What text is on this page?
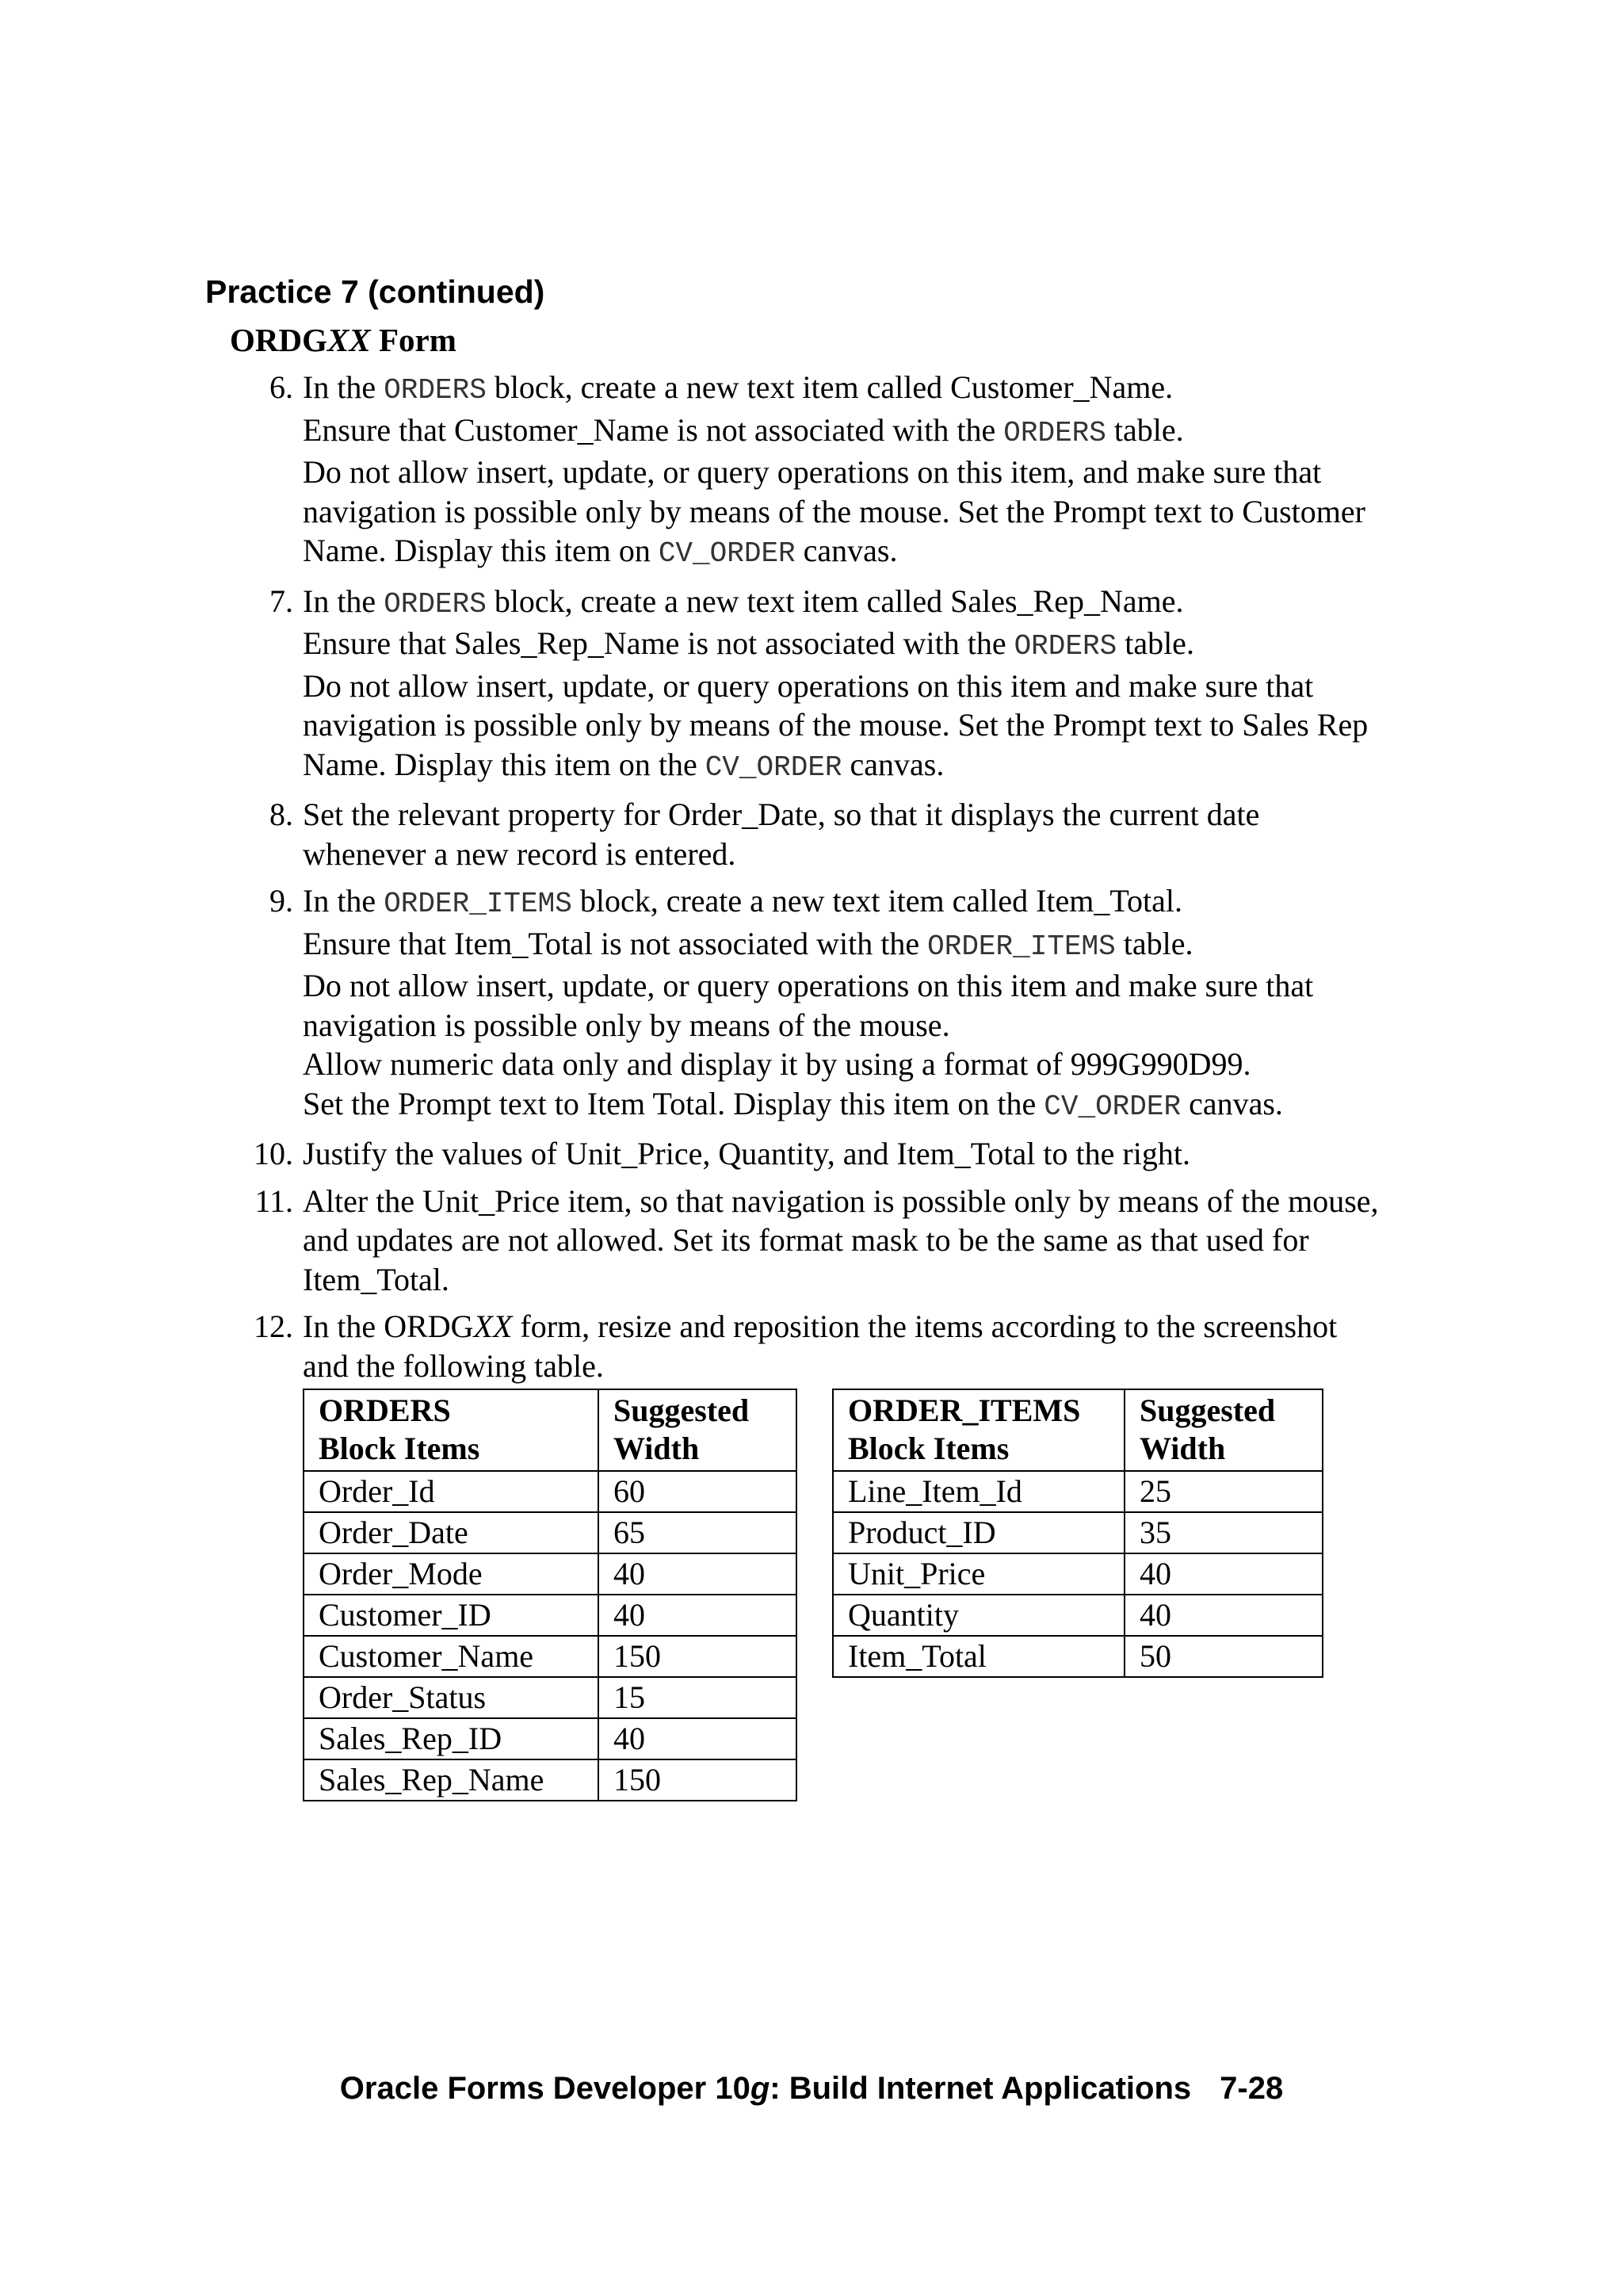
Practice 7 (continued)
ORDGXX Form
6. In the ORDERS block, create a new text item called Customer_Name.
Ensure that Customer_Name is not associated with the ORDERS table.
Do not allow insert, update, or query operations on this item, and make sure that
navigation is possible only by means of the mouse. Set the Prompt text to Customer
Name. Display this item on CV_ORDER canvas.
7. In the ORDERS block, create a new text item called Sales_Rep_Name.
Ensure that Sales_Rep_Name is not associated with the ORDERS table.
Do not allow insert, update, or query operations on this item and make sure that
navigation is possible only by means of the mouse. Set the Prompt text to Sales Rep
Name. Display this item on the CV_ORDER canvas.
8. Set the relevant property for Order_Date, so that it displays the current date
whenever a new record is entered.
9. In the ORDER_ITEMS block, create a new text item called Item_Total.
Ensure that Item_Total is not associated with the ORDER_ITEMS table.
Do not allow insert, update, or query operations on this item and make sure that
navigation is possible only by means of the mouse.
Allow numeric data only and display it by using a format of 999G990D99.
Set the Prompt text to Item Total. Display this item on the CV_ORDER canvas.
10. Justify the values of Unit_Price, Quantity, and Item_Total to the right.
11. Alter the Unit_Price item, so that navigation is possible only by means of the mouse,
and updates are not allowed. Set its format mask to be the same as that used for
Item_Total.
12. In the ORDGXX form, resize and reposition the items according to the screenshot
and the following table.
ORDERS
Block Items	Suggested
Width
Order_Id	60
Order_Date	65
Order_Mode	40
Customer_ID	40
Customer_Name	150
Order_Status	15
Sales_Rep_ID	40
Sales_Rep_Name	150
ORDER_ITEMS
Block Items	Suggested
Width
Line_Item_Id	25
Product_ID	35
Unit_Price	40
Quantity	40
Item_Total	50

Oracle Forms Developer 10g: Build Internet Applications 7-28
